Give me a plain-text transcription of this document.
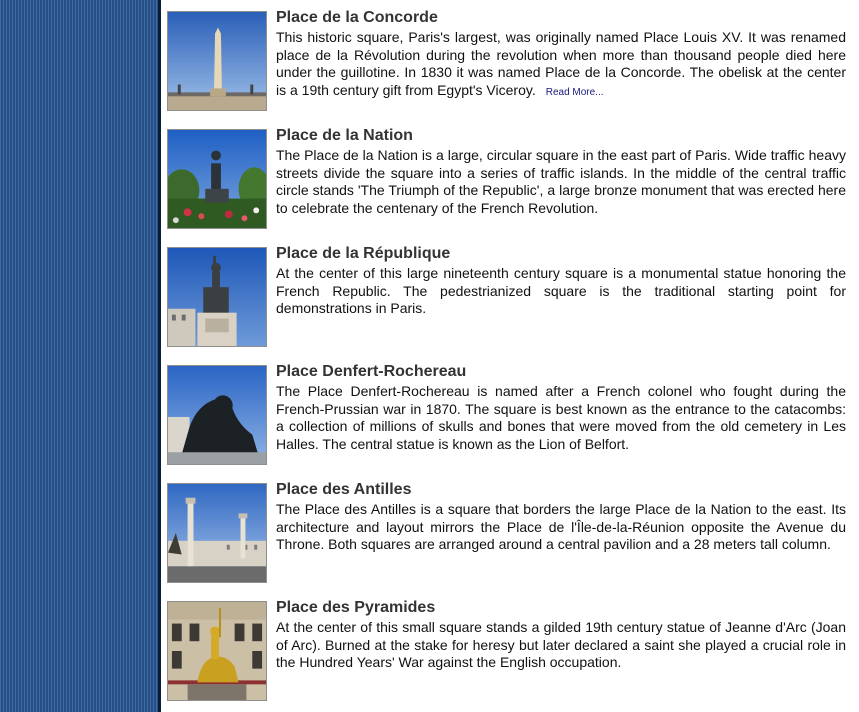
Place de la Concorde

This historic square, Paris's largest, was originally named Place Louis XV. It was renamed place de la Révolution during the revolution when more than thousand people died here under the guillotine. In 1830 it was named Place de la Concorde. The obelisk at the center is a 19th century gift from Egypt's Viceroy. Read More...

Place de la Nation

The Place de la Nation is a large, circular square in the east part of Paris. Wide traffic heavy streets divide the square into a series of traffic islands. In the middle of the central traffic circle stands 'The Triumph of the Republic', a large bronze monument that was erected here to celebrate the centenary of the French Revolution.

Place de la République

At the center of this large nineteenth century square is a monumental statue honoring the French Republic. The pedestrianized square is the traditional starting point for demonstrations in Paris.

Place Denfert-Rochereau

The Place Denfert-Rochereau is named after a French colonel who fought during the French-Prussian war in 1870. The square is best known as the entrance to the catacombs: a collection of millions of skulls and bones that were moved from the old cemetery in Les Halles. The central statue is known as the Lion of Belfort.

Place des Antilles

The Place des Antilles is a square that borders the large Place de la Nation to the east. Its architecture and layout mirrors the Place de l'Île-de-la-Réunion opposite the Avenue du Throne. Both squares are arranged around a central pavilion and a 28 meters tall column.

Place des Pyramides

At the center of this small square stands a gilded 19th century statue of Jeanne d'Arc (Joan of Arc). Burned at the stake for heresy but later declared a saint she played a crucial role in the Hundred Years' War against the English occupation.
